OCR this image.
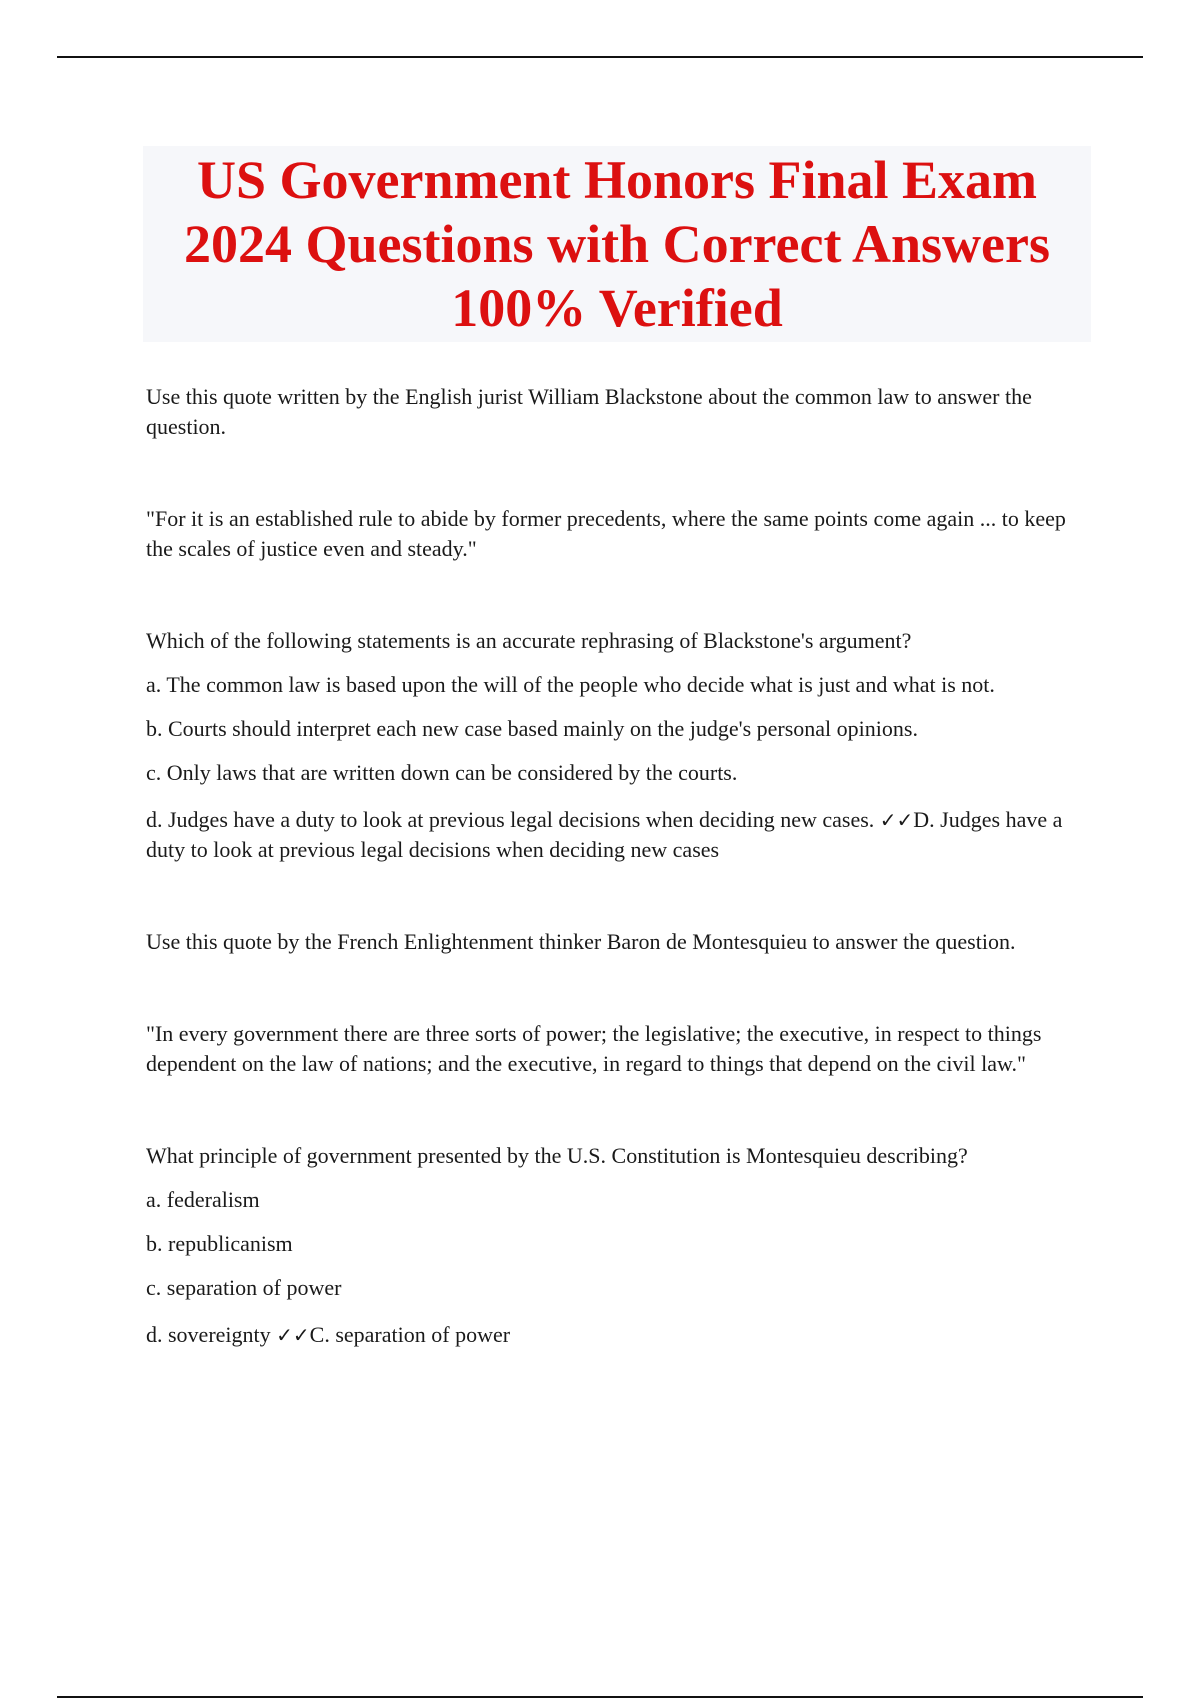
US Government Honors Final Exam
2024 Questions with Correct Answers
100% Verified

Use this quote written by the English jurist William Blackstone about the common law to answer the question.

"For it is an established rule to abide by former precedents, where the same points come again ... to keep the scales of justice even and steady."

Which of the following statements is an accurate rephrasing of Blackstone's argument?

a. The common law is based upon the will of the people who decide what is just and what is not.

b. Courts should interpret each new case based mainly on the judge's personal opinions.

c. Only laws that are written down can be considered by the courts.

d. Judges have a duty to look at previous legal decisions when deciding new cases. ✓✓D. Judges have a duty to look at previous legal decisions when deciding new cases

Use this quote by the French Enlightenment thinker Baron de Montesquieu to answer the question.

"In every government there are three sorts of power; the legislative; the executive, in respect to things dependent on the law of nations; and the executive, in regard to things that depend on the civil law."

What principle of government presented by the U.S. Constitution is Montesquieu describing?

a. federalism

b. republicanism

c. separation of power

d. sovereignty ✓✓C. separation of power
